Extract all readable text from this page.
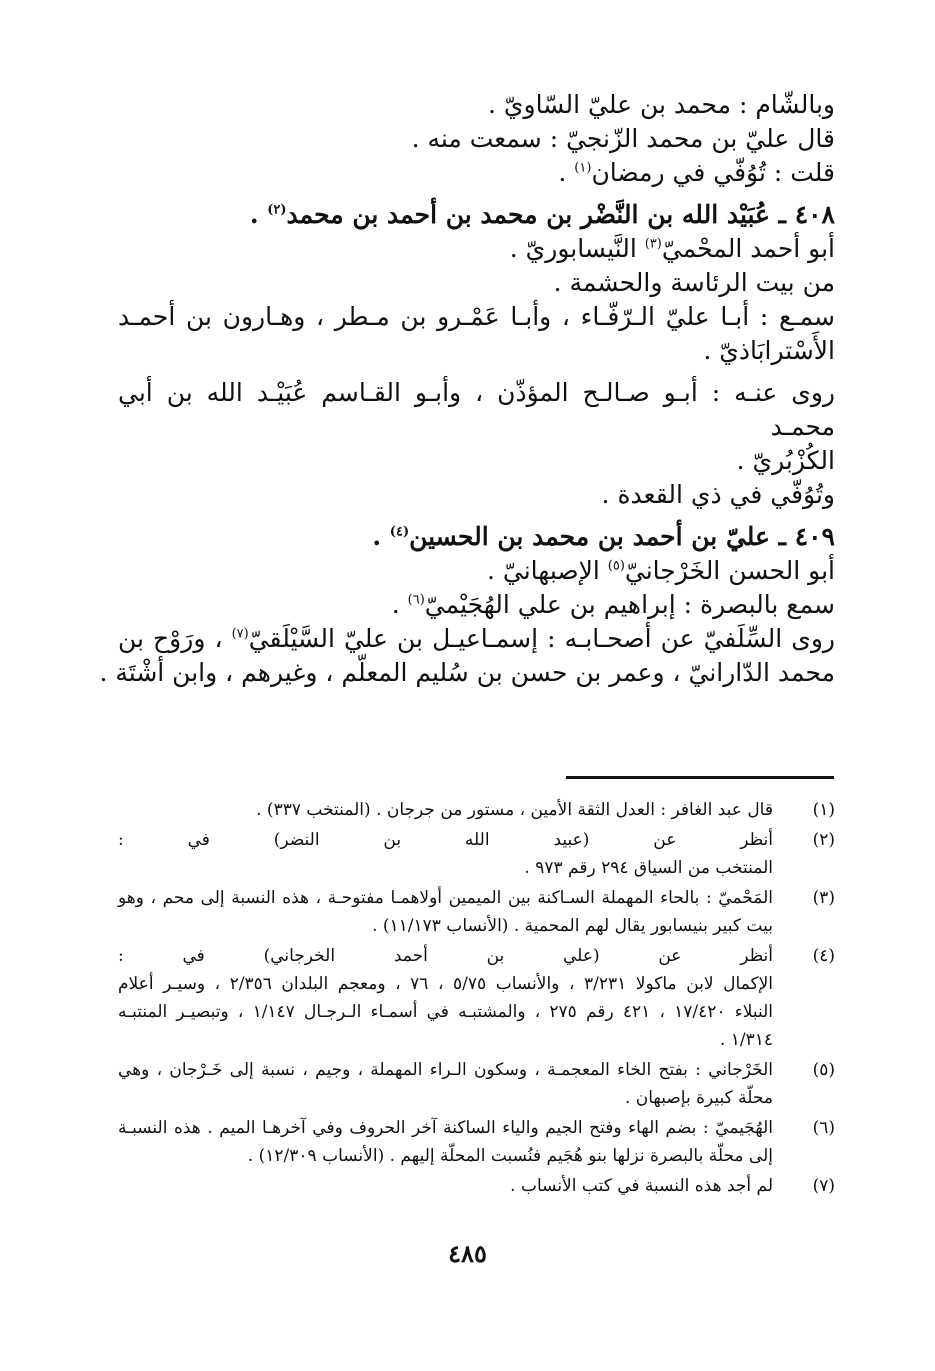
وبالشّام : محمد بن عليّ السّاويّ .
قال عليّ بن محمد الزّنجيّ : سمعت منه .
قلت : تُوُفّي في رمضان$^{(١)}$ .
٤٠٨ ـ عُبَيْد الله بن النَّضْر بن محمد بن أحمد بن محمد$^{(٢)}$ .
أبو أحمد المحْميّ$^{(٣)}$ النَّيسابوريّ .
من بيت الرئاسة والحشمة .
سمـع : أبـا عليّ الـرّفّـاء ، وأبـا عَمْـرو بن مـطر ، وهـارون بن أحمـد
الأَسْترابَاذيّ .
روى عنـه : أبـو صـالـح المؤذّن ، وأبـو القـاسم عُبَيْـد الله بن أبي محمـد
الكُزْبُريّ .
وتُوُفّي في ذي القعدة .
٤٠٩ ـ عليّ بن أحمد بن محمد بن الحسين$^{(٤)}$ .
أبو الحسن الخَرْجانيّ$^{(٥)}$ الإصبهانيّ .
سمع بالبصرة : إبراهيم بن علي الهُجَيْميّ$^{(٦)}$ .
روى السِّلَفيّ عن أصحـابـه : إسمـاعيـل بن عليّ السَّيْلَقيّ$^{(٧)}$ ، ورَوْح بن
محمد الدّارانيّ ، وعمر بن حسن بن سُليم المعلّم ، وغيرهم ، وابن أشْتَة .
(١)
قال عبد الغافر : العدل الثقة الأمين ، مستور من جرجان . (المنتخب ٣٣٧) .
(٢)
أنظر عن (عبيد الله بن النضر) في :
المنتخب من السياق ٢٩٤ رقم ٩٧٣ .
(٣)
المَحْميّ : بالحاء المهملة السـاكنة بين الميمين أولاهمـا مفتوحـة ، هذه النسبة إلى محم ، وهو
بيت كبير بنيسابور يقال لهم المحمية . (الأنساب ١١/١٧٣) .
(٤)
أنظر عن (علي بن أحمد الخرجاني) في :
الإكمال لابن ماكولا ٣/٢٣١ ، والأنساب ٥/٧٥ ، ٧٦ ، ومعجم البلدان ٢/٣٥٦ ، وسيـر أعلام
النبلاء ١٧/٤٢٠ ، ٤٢١ رقم ٢٧٥ ، والمشتبـه في أسمـاء الـرجـال ١/١٤٧ ، وتبصيـر المنتبـه
١/٣١٤ .
(٥)
الخَرْجاني : بفتح الخاء المعجمـة ، وسكون الـراء المهملة ، وجيم ، نسبة إلى خَـرْجان ، وهي
محلّة كبيرة بإصبهان .
(٦)
الهُجَيميّ : بضم الهاء وفتح الجيم والياء الساكنة آخر الحروف وفي آخرهـا الميم . هذه النسبـة
إلى محلّة بالبصرة نزلها بنو هُجَيم فنُسبت المحلّة إليهم . (الأنساب ١٢/٣٠٩) .
(٧)
لم أجد هذه النسبة في كتب الأنساب .
٤٨٥
